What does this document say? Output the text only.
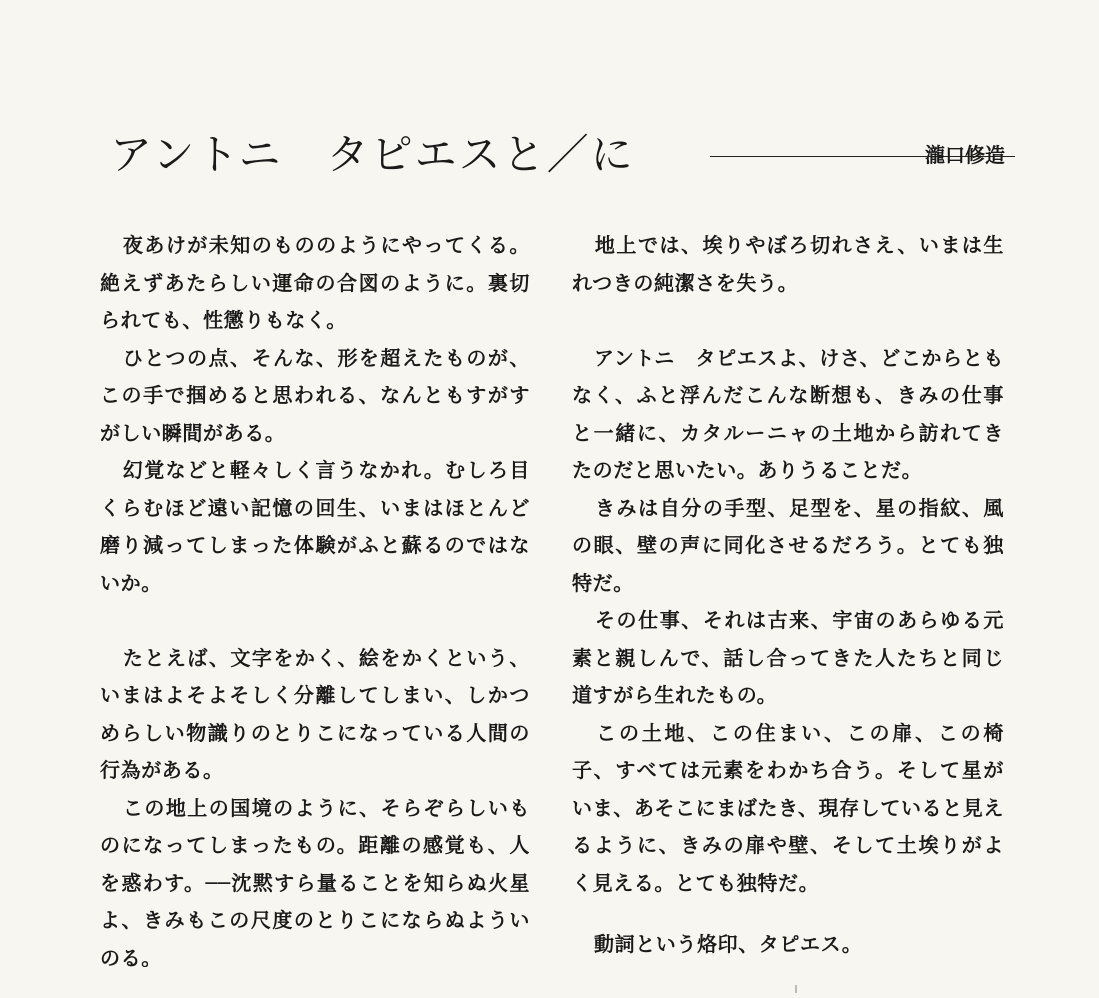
アントニ　タピエスと／に	瀧口修造

夜あけが未知のもののようにやってくる。絶えずあたらしい運命の合図のように。裏切られても、性懲りもなく。

ひとつの点、そんな、形を超えたものが、この手で掴めると思われる、なんともすがすがしい瞬間がある。

幻覚などと軽々しく言うなかれ。むしろ目くらむほど遠い記憶の回生、いまはほとんど磨り減ってしまった体験がふと蘇るのではないか。

たとえば、文字をかく、絵をかくという、いまはよそよそしく分離してしまい、しかつめらしい物識りのとりこになっている人間の行為がある。

この地上の国境のように、そらぞらしいものになってしまったもの。距離の感覚も、人を惑わす。──沈黙すら量ることを知らぬ火星よ、きみもこの尺度のとりこにならぬよういのる。

地上では、埃りやぼろ切れさえ、いまは生れつきの純潔さを失う。

アントニ　タピエスよ、けさ、どこからともなく、ふと浮んだこんな断想も、きみの仕事と一緒に、カタルーニャの土地から訪れてきたのだと思いたい。ありうることだ。

きみは自分の手型、足型を、星の指紋、風の眼、壁の声に同化させるだろう。とても独特だ。

その仕事、それは古来、宇宙のあらゆる元素と親しんで、話し合ってきた人たちと同じ道すがら生れたもの。

この土地、この住まい、この扉、この椅子、すべては元素をわかち合う。そして星がいま、あそこにまばたき、現存していると見えるように、きみの扉や壁、そして土埃りがよく見える。とても独特だ。

動詞という烙印、タピエス。
